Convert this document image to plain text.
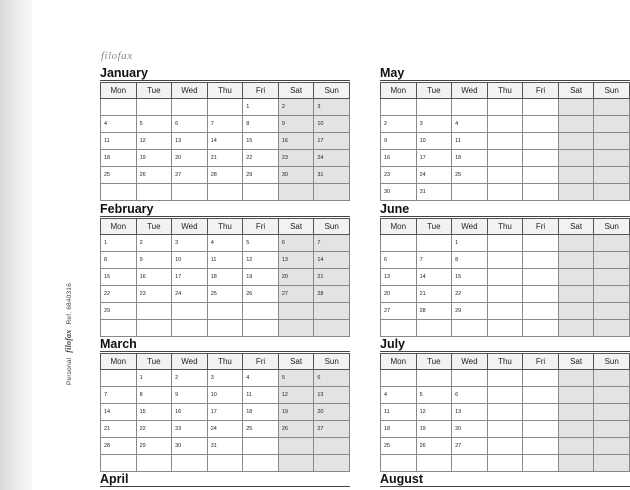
Personal filofax Ref. 6840316
filofax
January
Mon	Tue	Wed	Thu	Fri	Sat	Sun
				1	2	3
4	5	6	7	8	9	10
11	12	13	14	15	16	17
18	19	20	21	22	23	24
25	26	27	28	29	30	31

February
Mon	Tue	Wed	Thu	Fri	Sat	Sun
1	2	3	4	5	6	7
8	9	10	11	12	13	14
15	16	17	18	19	20	21
22	23	24	25	26	27	28
29						

March
Mon	Tue	Wed	Thu	Fri	Sat	Sun
	1	2	3	4	5	6
7	8	9	10	11	12	13
14	15	16	17	18	19	20
21	22	23	24	25	26	27
28	29	30	31			

April
May
Mon	Tue	Wed	Thu	Fri	Sat	Sun

2	3	4				
9	10	11				
16	17	18				
23	24	25				
30	31					
June
Mon	Tue	Wed	Thu	Fri	Sat	Sun
		1				
6	7	8				
13	14	15				
20	21	22				
27	28	29				

July
Mon	Tue	Wed	Thu	Fri	Sat	Sun

4	5	6				
11	12	13				
18	19	20				
25	26	27				

August
